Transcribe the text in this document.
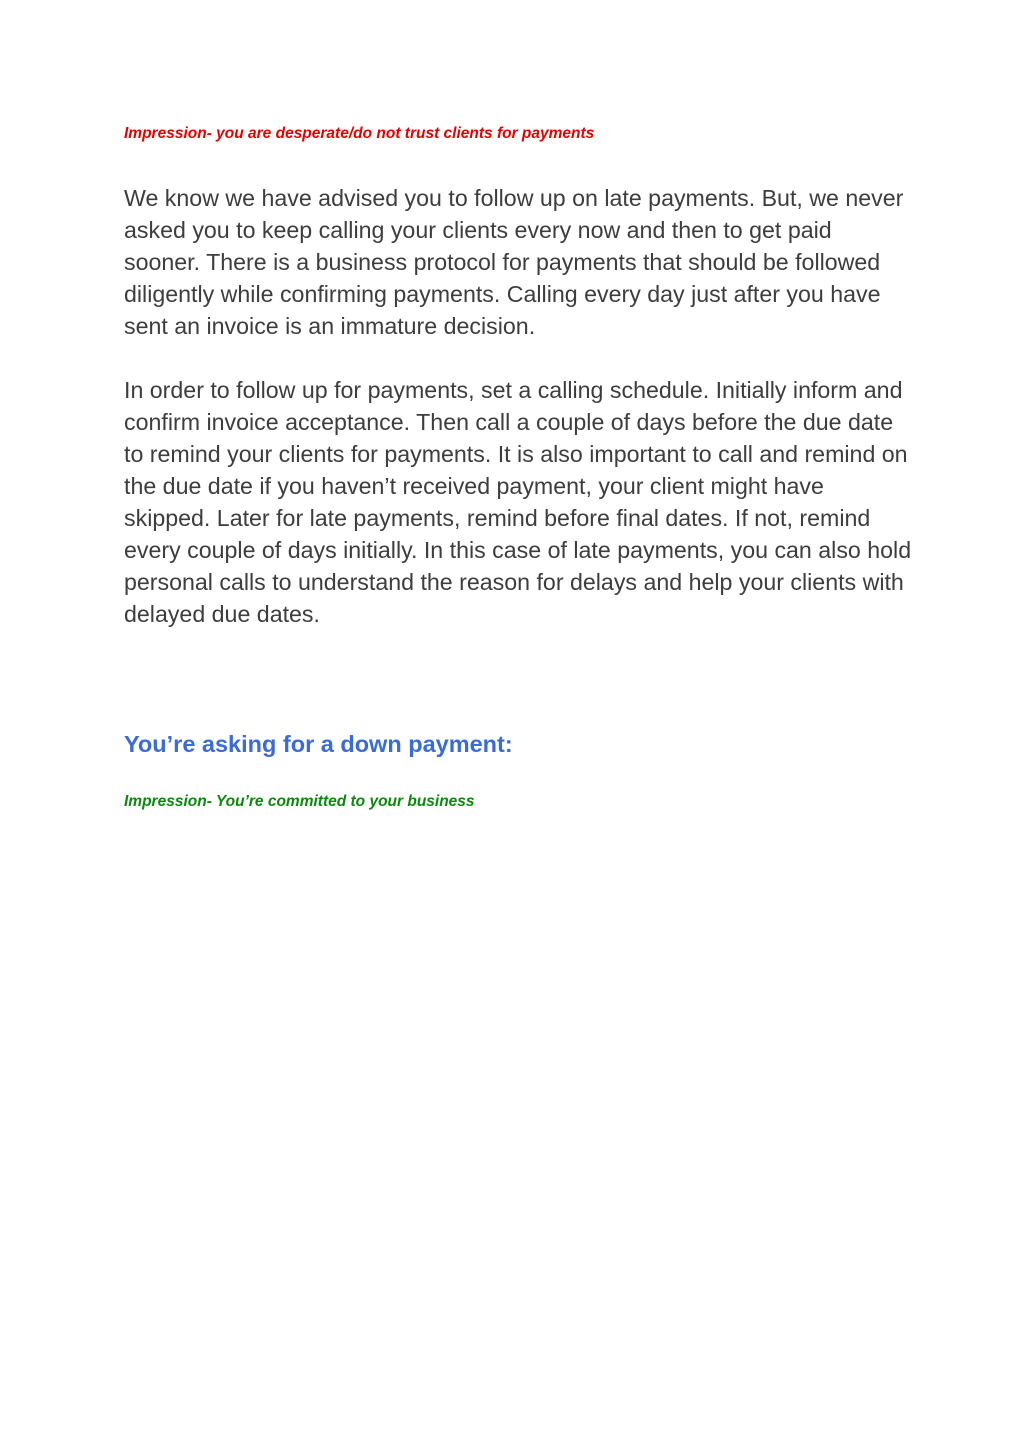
Impression- you are desperate/do not trust clients for payments

We know we have advised you to follow up on late payments. But, we never asked you to keep calling your clients every now and then to get paid sooner. There is a business protocol for payments that should be followed diligently while confirming payments. Calling every day just after you have sent an invoice is an immature decision.

In order to follow up for payments, set a calling schedule. Initially inform and confirm invoice acceptance. Then call a couple of days before the due date to remind your clients for payments. It is also important to call and remind on the due date if you haven’t received payment, your client might have skipped. Later for late payments, remind before final dates. If not, remind every couple of days initially. In this case of late payments, you can also hold personal calls to understand the reason for delays and help your clients with delayed due dates.

You’re asking for a down payment:

Impression- You’re committed to your business
